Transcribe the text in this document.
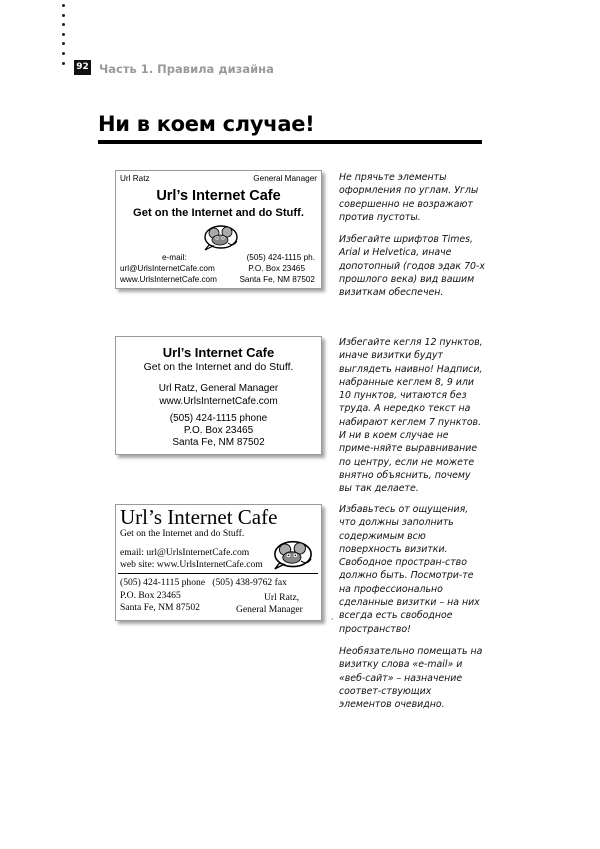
92 Часть 1. Правила дизайна
Ни в коем случае!
Url Ratz	General Manager
Url’s Internet Cafe
Get on the Internet and do Stuff.
e-mail:
url@UrlsInternetCafe.com
www.UrlsInternetCafe.com
(505) 424-1115 ph.
P.O. Box 23465
Santa Fe, NM 87502
Url’s Internet Cafe
Get on the Internet and do Stuff.
Url Ratz, General Manager
www.UrlsInternetCafe.com
(505) 424-1115 phone
P.O. Box 23465
Santa Fe, NM 87502
Url’s Internet Cafe
Get on the Internet and do Stuff.
email: url@UrlsInternetCafe.com
web site: www.UrlsInternetCafe.com
(505) 424-1115 phone   (505) 438-9762 fax
P.O. Box 23465
Santa Fe, NM 87502
Url Ratz,
General Manager

Не прячьте элементы оформления по углам. Углы совершенно не возражают против пустоты.

Избегайте шрифтов Times, Arial и Helvetica, иначе допотопный (годов эдак 70-х прошлого века) вид вашим визиткам обеспечен.

Избегайте кегля 12 пунктов, иначе визитки будут выглядеть наивно! Надписи, набранные кеглем 8, 9 или 10 пунктов, читаются без труда. А нередко текст на набирают кеглем 7 пунктов. И ни в коем случае не приме-няйте выравнивание по центру, если не можете внятно объяснить, почему вы так делаете.

Избавьтесь от ощущения, что должны заполнить содержимым всю поверхность визитки. Свободное простран-ство должно быть. Посмотри-те на профессионально сделанные визитки – на них всегда есть свободное пространство!

Необязательно помещать на визитку слова «e-mail» и «веб-сайт» – назначение соответ-ствующих элементов очевидно.

,
